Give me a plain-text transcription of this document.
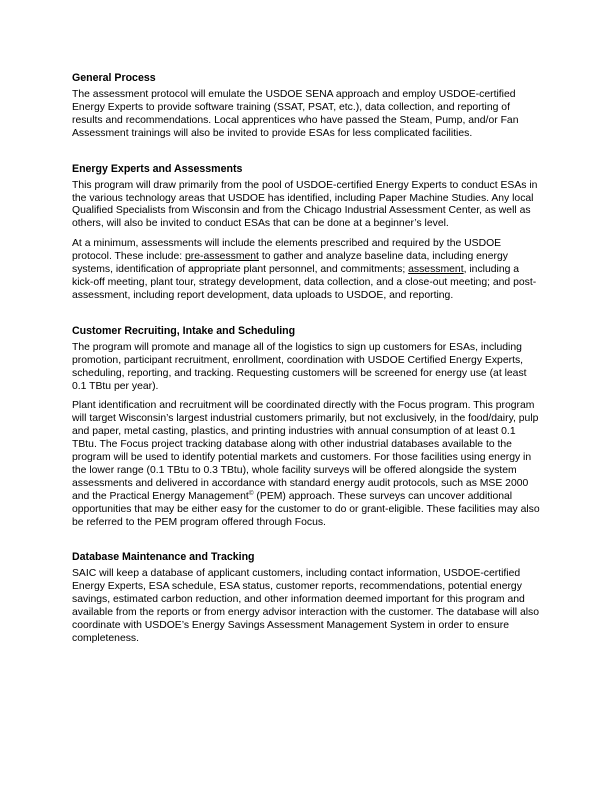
General Process

The assessment protocol will emulate the USDOE SENA approach and employ USDOE-certified Energy Experts to provide software training (SSAT, PSAT, etc.), data collection, and reporting of results and recommendations. Local apprentices who have passed the Steam, Pump, and/or Fan Assessment trainings will also be invited to provide ESAs for less complicated facilities.

Energy Experts and Assessments

This program will draw primarily from the pool of USDOE-certified Energy Experts to conduct ESAs in the various technology areas that USDOE has identified, including Paper Machine Studies. Any local Qualified Specialists from Wisconsin and from the Chicago Industrial Assessment Center, as well as others, will also be invited to conduct ESAs that can be done at a beginner’s level.

At a minimum, assessments will include the elements prescribed and required by the USDOE protocol. These include: pre-assessment to gather and analyze baseline data, including energy systems, identification of appropriate plant personnel, and commitments; assessment, including a kick-off meeting, plant tour, strategy development, data collection, and a close-out meeting; and post-assessment, including report development, data uploads to USDOE, and reporting.

Customer Recruiting, Intake and Scheduling

The program will promote and manage all of the logistics to sign up customers for ESAs, including promotion, participant recruitment, enrollment, coordination with USDOE Certified Energy Experts, scheduling, reporting, and tracking. Requesting customers will be screened for energy use (at least 0.1 TBtu per year).

Plant identification and recruitment will be coordinated directly with the Focus program. This program will target Wisconsin’s largest industrial customers primarily, but not exclusively, in the food/dairy, pulp and paper, metal casting, plastics, and printing industries with annual consumption of at least 0.1 TBtu. The Focus project tracking database along with other industrial databases available to the program will be used to identify potential markets and customers. For those facilities using energy in the lower range (0.1 TBtu to 0.3 TBtu), whole facility surveys will be offered alongside the system assessments and delivered in accordance with standard energy audit protocols, such as MSE 2000 and the Practical Energy Management© (PEM) approach. These surveys can uncover additional opportunities that may be either easy for the customer to do or grant-eligible. These facilities may also be referred to the PEM program offered through Focus.

Database Maintenance and Tracking

SAIC will keep a database of applicant customers, including contact information, USDOE-certified Energy Experts, ESA schedule, ESA status, customer reports, recommendations, potential energy savings, estimated carbon reduction, and other information deemed important for this program and available from the reports or from energy advisor interaction with the customer. The database will also coordinate with USDOE’s Energy Savings Assessment Management System in order to ensure completeness.
